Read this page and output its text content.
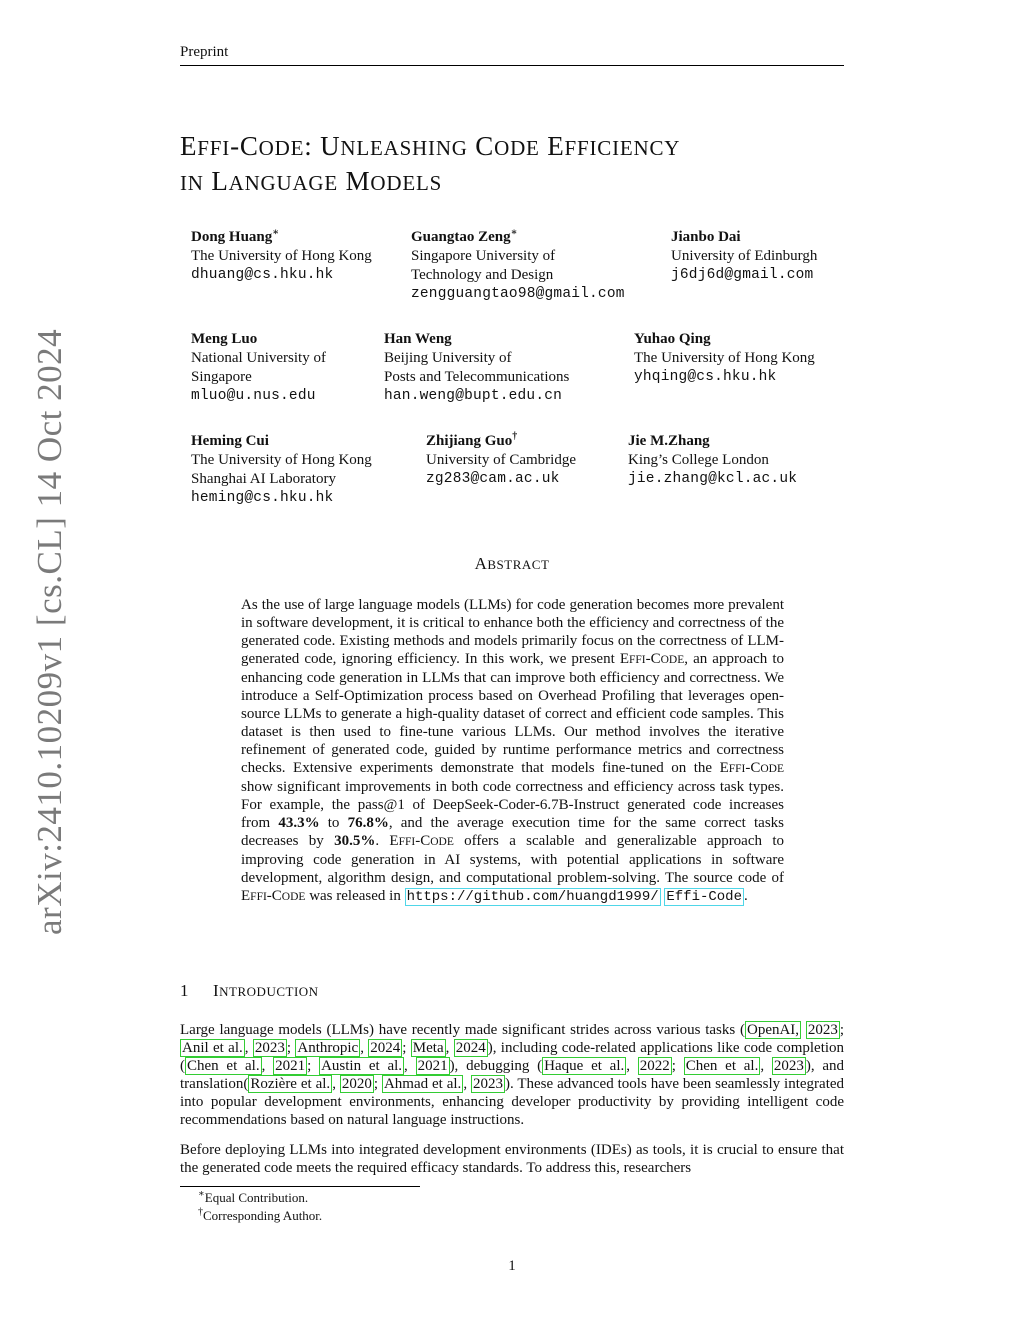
Preprint
EFFI-CODE: UNLEASHING CODE EFFICIENCY
IN LANGUAGE MODELS
Dong Huang∗
The University of Hong Kong
dhuang@cs.hku.hk
Guangtao Zeng∗
Singapore University of
Technology and Design
zengguangtao98@gmail.com
Jianbo Dai
University of Edinburgh
j6dj6d@gmail.com
Meng Luo
National University of
Singapore
mluo@u.nus.edu
Han Weng
Beijing University of
Posts and Telecommunications
han.weng@bupt.edu.cn
Yuhao Qing
The University of Hong Kong
yhqing@cs.hku.hk
Heming Cui
The University of Hong Kong
Shanghai AI Laboratory
heming@cs.hku.hk
Zhijiang Guo†
University of Cambridge
zg283@cam.ac.uk
Jie M.Zhang
King’s College London
jie.zhang@kcl.ac.uk
arXiv:2410.10209v1 [cs.CL] 14 Oct 2024	ABSTRACT
As the use of large language models (LLMs) for code generation becomes more prevalent in software development, it is critical to enhance both the efficiency and correctness of the generated code. Existing methods and models primarily focus on the correctness of LLM-generated code, ignoring efficiency. In this work, we present EFFI-CODE, an approach to enhancing code generation in LLMs that can improve both efficiency and correctness. We introduce a Self-Optimization process based on Overhead Profiling that leverages open-source LLMs to generate a high-quality dataset of correct and efficient code samples. This dataset is then used to fine-tune various LLMs. Our method involves the iterative refinement of generated code, guided by runtime performance metrics and correctness checks. Extensive experiments demonstrate that models fine-tuned on the EFFI-CODE show significant improvements in both code correctness and efficiency across task types. For example, the pass@1 of DeepSeek-Coder-6.7B-Instruct generated code increases from 43.3% to 76.8%, and the average execution time for the same correct tasks decreases by 30.5%. EFFI-CODE offers a scalable and generalizable approach to improving code generation in AI systems, with potential applications in software development, algorithm design, and computational problem-solving. The source code of EFFI-CODE was released in https://github.com/huangd1999/ Effi-Code .
1 INTRODUCTION
Large language models (LLMs) have recently made significant strides across various tasks ( OpenAI, 2023 ; Anil et al. , 2023 ; Anthropic , 2024 ; Meta , 2024 ), including code-related applications like code completion ( Chen et al. , 2021 ; Austin et al. , 2021 ), debugging ( Haque et al. , 2022 ; Chen et al. , 2023 ), and translation( Rozière et al. , 2020 ; Ahmad et al. , 2023 ). These advanced tools have been seamlessly integrated into popular development environments, enhancing developer productivity by providing intelligent code recommendations based on natural language instructions.
Before deploying LLMs into integrated development environments (IDEs) as tools, it is crucial to ensure that the generated code meets the required efficacy standards. To address this, researchers
∗Equal Contribution.
†Corresponding Author.
1
